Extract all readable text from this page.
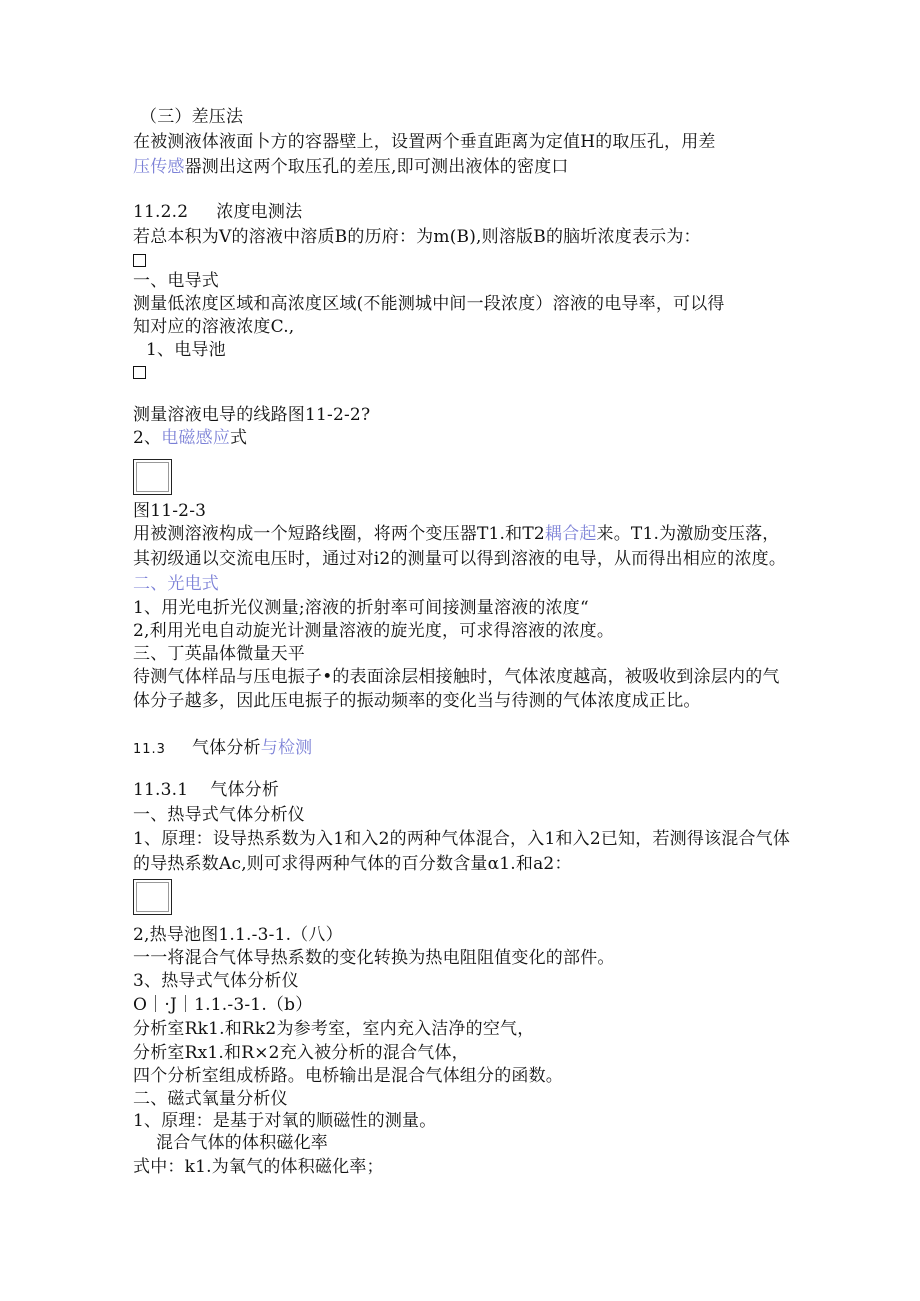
（三）差压法
在被测液体液面卜方的容器壁上，设置两个垂直距离为定值H的取压孔，用差
压传感器测出这两个取压孔的差压,即可测出液体的密度口
11.2.2 浓度电测法
若总本积为V的溶液中溶质B的历府：为m(B),则溶版B的脑圻浓度表示为：
一、电导式
测量低浓度区域和高浓度区域(不能测城中间一段浓度）溶液的电导率，可以得
知对应的溶液浓度C.,
1、电导池
测量溶液电导的线路图11-2-2?
2、电磁感应式
图11-2-3
用被测溶液构成一个短路线圈，将两个变压器T1.和T2耦合起来。T1.为激励变压落，
其初级通以交流电压时，通过对i2的测量可以得到溶液的电导，从而得出相应的浓度。
二、光电式
1、用光电折光仪测量;溶液的折射率可间接测量溶液的浓度“
2,利用光电自动旋光计测量溶液的旋光度，可求得溶液的浓度。
三、丁英晶体微量天平
待测气体样品与压电振子•的表面涂层相接触时，气体浓度越高，被吸收到涂层内的气
体分子越多，因此压电振子的振动频率的变化当与待测的气体浓度成正比。
11.3 气体分析与检测
11.3.1 气体分析
一、热导式气体分析仪
1、原理：设导热系数为入1和入2的两种气体混合，入1和入2已知，若测得该混合气体
的导热系数Ac,则可求得两种气体的百分数含量α1.和a2：
2,热导池图1.1.-3-1.（八）
一一将混合气体导热系数的变化转换为热电阻阻值变化的部件。
3、热导式气体分析仪
O｜·J｜1.1.-3-1.（b）
分析室Rk1.和Rk2为参考室，室内充入洁净的空气，
分析室Rx1.和R×2充入被分析的混合气体，
四个分析室组成桥路。电桥输出是混合气体组分的函数。
二、磁式氧量分析仪
1、原理：是基于对氧的顺磁性的测量。
混合气体的体积磁化率
式中：k1.为氧气的体积磁化率；
